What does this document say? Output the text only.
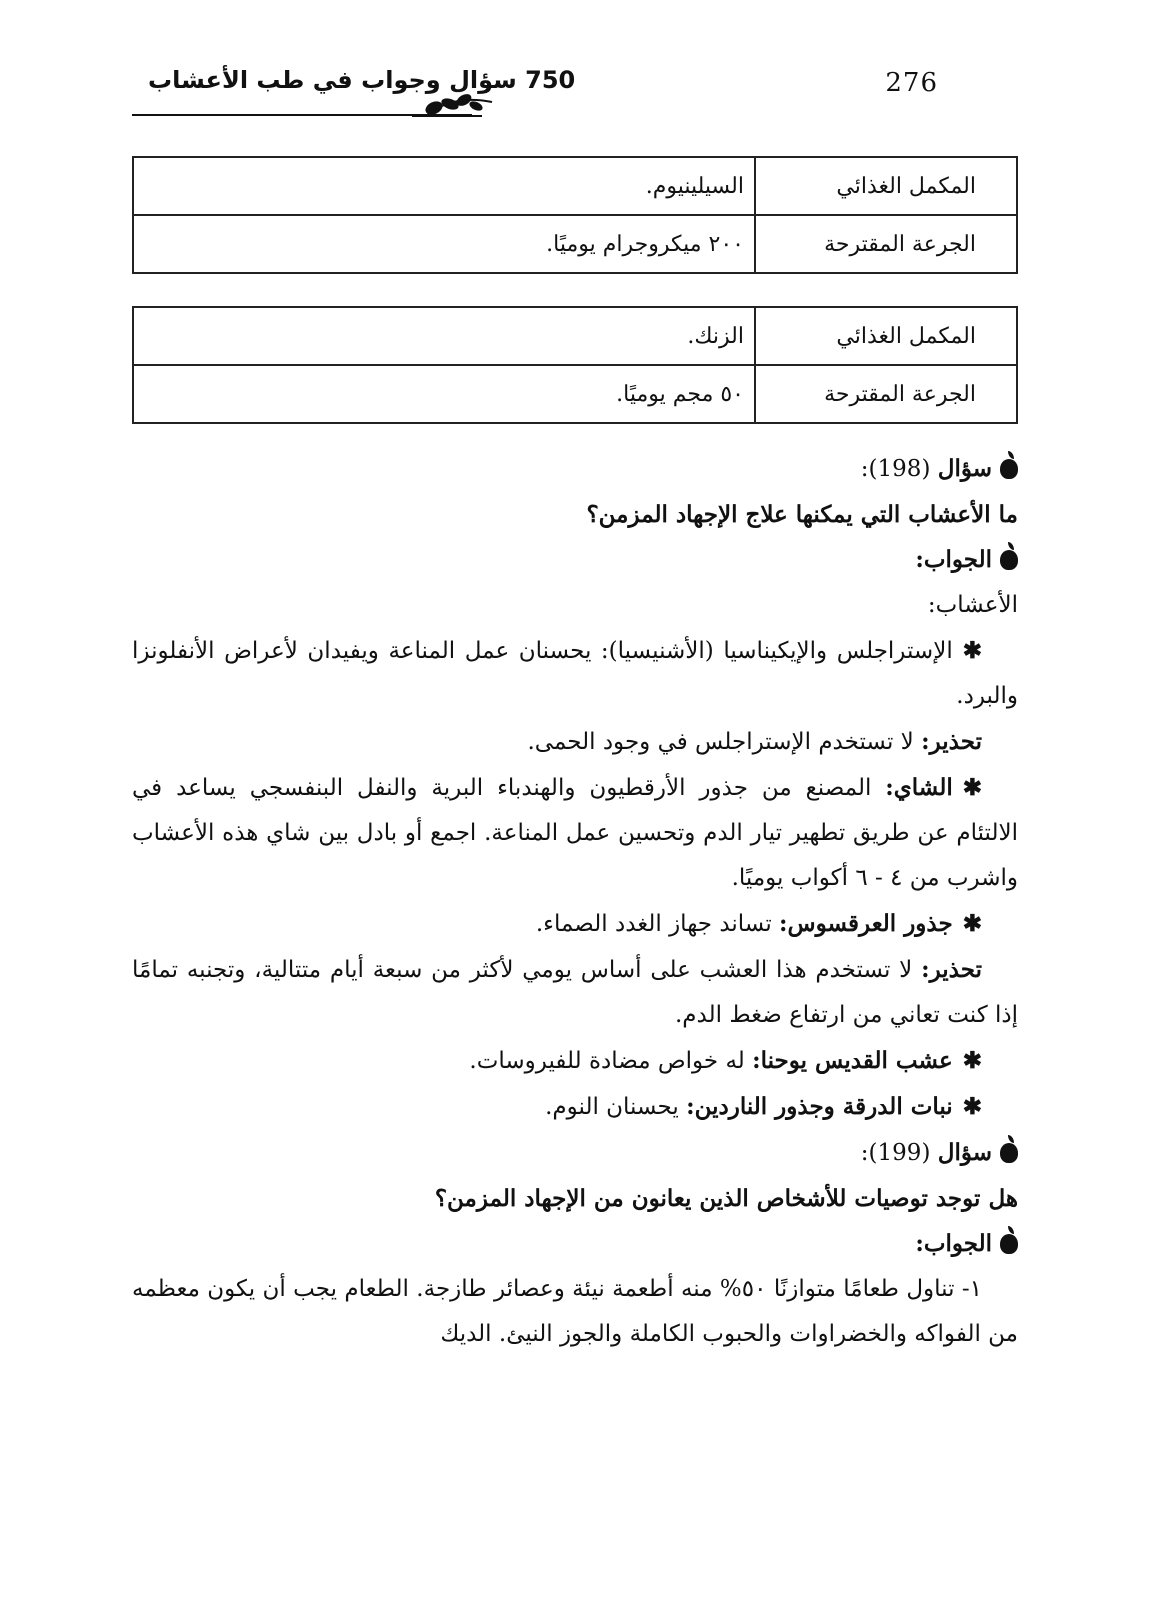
750 سؤال وجواب في طب الأعشاب	276
المكمل الغذائي	السيلينيوم.
الجرعة المقترحة	٢٠٠ ميكروجرام يوميًا.
المكمل الغذائي	الزنك.
الجرعة المقترحة	٥٠ مجم يوميًا.

سؤال (198):

ما الأعشاب التي يمكنها علاج الإجهاد المزمن؟

الجواب:

الأعشاب:

✱الإستراجلس والإيكيناسيا (الأشنيسيا): يحسنان عمل المناعة ويفيدان لأعراض الأنفلونزا والبرد.

تحذير: لا تستخدم الإستراجلس في وجود الحمى.

✱الشاي: المصنع من جذور الأرقطيون والهندباء البرية والنفل البنفسجي يساعد في الالتئام عن طريق تطهير تيار الدم وتحسين عمل المناعة. اجمع أو بادل بين شاي هذه الأعشاب واشرب من ٤ - ٦ أكواب يوميًا.

✱جذور العرقسوس: تساند جهاز الغدد الصماء.

تحذير: لا تستخدم هذا العشب على أساس يومي لأكثر من سبعة أيام متتالية، وتجنبه تمامًا إذا كنت تعاني من ارتفاع ضغط الدم.

✱عشب القديس يوحنا: له خواص مضادة للفيروسات.

✱نبات الدرقة وجذور الناردين: يحسنان النوم.

سؤال (199):

هل توجد توصيات للأشخاص الذين يعانون من الإجهاد المزمن؟

الجواب:

١- تناول طعامًا متوازنًا ٥٠% منه أطعمة نيئة وعصائر طازجة. الطعام يجب أن يكون معظمه من الفواكه والخضراوات والحبوب الكاملة والجوز النيئ. الديك
